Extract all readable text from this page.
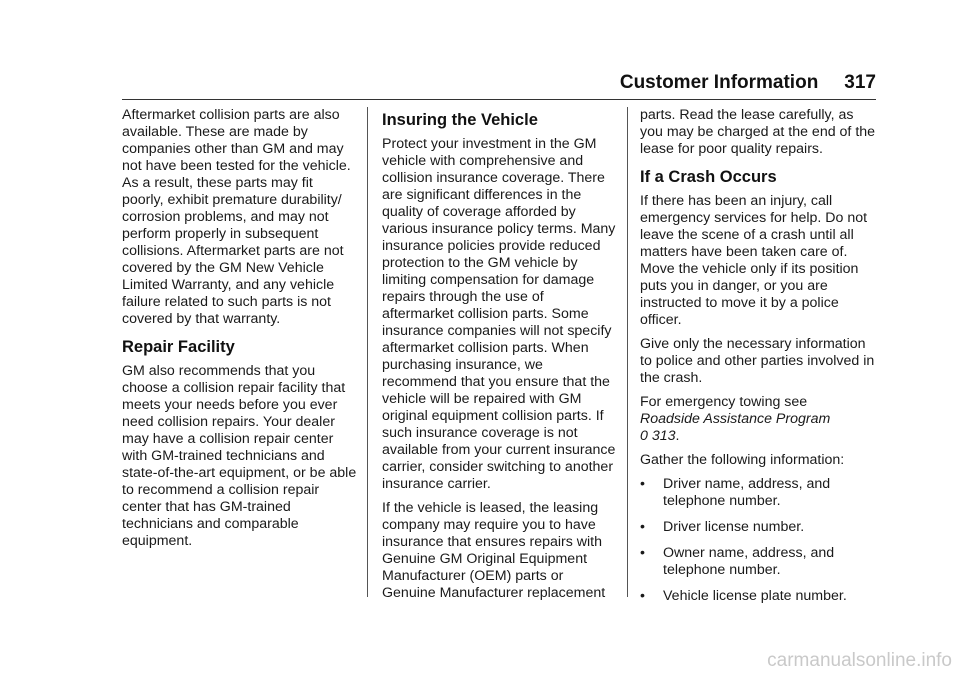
Customer Information 317

Aftermarket collision parts are also available. These are made by companies other than GM and may not have been tested for the vehicle. As a result, these parts may fit poorly, exhibit premature durability/ corrosion problems, and may not perform properly in subsequent collisions. Aftermarket parts are not covered by the GM New Vehicle Limited Warranty, and any vehicle failure related to such parts is not covered by that warranty.

Repair Facility

GM also recommends that you choose a collision repair facility that meets your needs before you ever need collision repairs. Your dealer may have a collision repair center with GM-trained technicians and state-of-the-art equipment, or be able to recommend a collision repair center that has GM-trained technicians and comparable equipment.

Insuring the Vehicle

Protect your investment in the GM vehicle with comprehensive and collision insurance coverage. There are significant differences in the quality of coverage afforded by various insurance policy terms. Many insurance policies provide reduced protection to the GM vehicle by limiting compensation for damage repairs through the use of aftermarket collision parts. Some insurance companies will not specify aftermarket collision parts. When purchasing insurance, we recommend that you ensure that the vehicle will be repaired with GM original equipment collision parts. If such insurance coverage is not available from your current insurance carrier, consider switching to another insurance carrier.

If the vehicle is leased, the leasing company may require you to have insurance that ensures repairs with Genuine GM Original Equipment Manufacturer (OEM) parts or Genuine Manufacturer replacement

parts. Read the lease carefully, as you may be charged at the end of the lease for poor quality repairs.

If a Crash Occurs

If there has been an injury, call emergency services for help. Do not leave the scene of a crash until all matters have been taken care of. Move the vehicle only if its position puts you in danger, or you are instructed to move it by a police officer.

Give only the necessary information to police and other parties involved in the crash.

For emergency towing see
Roadside Assistance Program
0 313.

Gather the following information:

• Driver name, address, and telephone number.
• Driver license number.
• Owner name, address, and telephone number.
• Vehicle license plate number.
carmanualsonline.info
